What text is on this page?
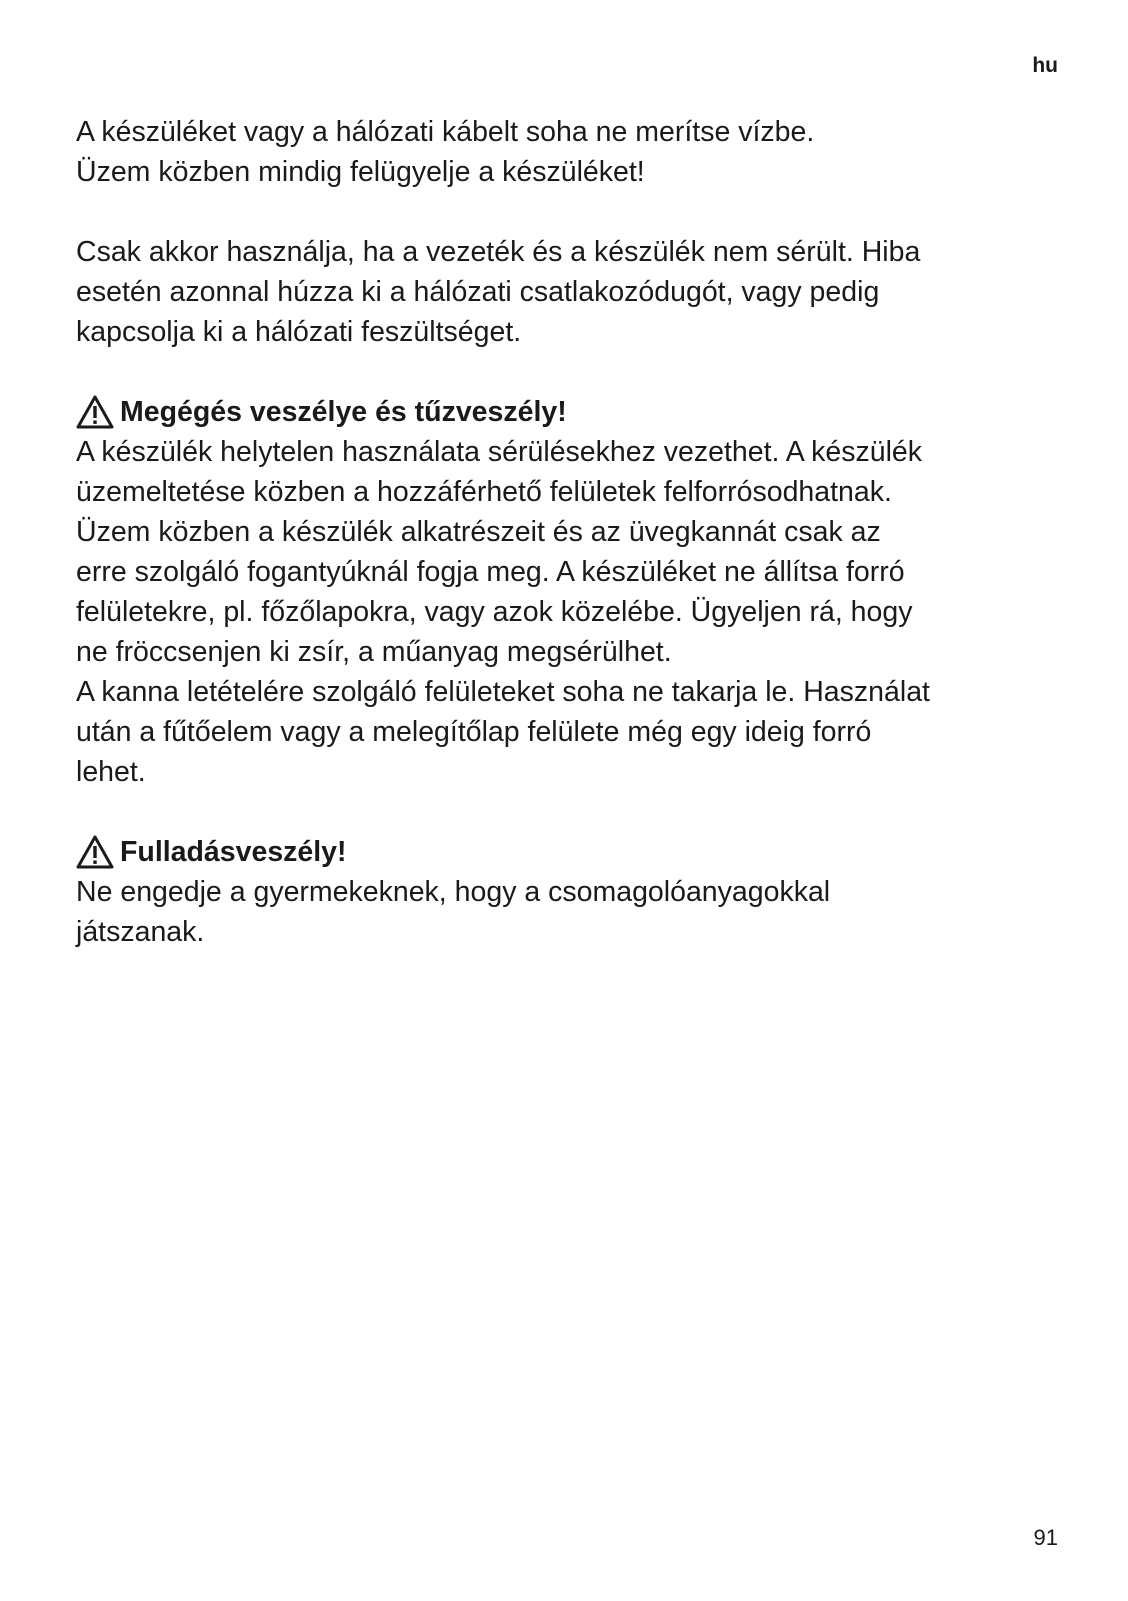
hu

A készüléket vagy a hálózati kábelt soha ne merítse vízbe.

Üzem közben mindig felügyelje a készüléket!

Csak akkor használja, ha a vezeték és a készülék nem sérült. Hiba

esetén azonnal húzza ki a hálózati csatlakozódugót, vagy pedig

kapcsolja ki a hálózati feszültséget.

Megégés veszélye és tűzveszély!

A készülék helytelen használata sérülésekhez vezethet. A készülék

üzemeltetése közben a hozzáférhető felületek felforrósodhatnak.

Üzem közben a készülék alkatrészeit és az üvegkannát csak az

erre szolgáló fogantyúknál fogja meg. A készüléket ne állítsa forró

felületekre, pl. főzőlapokra, vagy azok közelébe. Ügyeljen rá, hogy

ne fröccsenjen ki zsír, a műanyag megsérülhet.

A kanna letételére szolgáló felületeket soha ne takarja le. Használat

után a fűtőelem vagy a melegítőlap felülete még egy ideig forró

lehet.

Fulladásveszély!

Ne engedje a gyermekeknek, hogy a csomagolóanyagokkal

játszanak.

91
